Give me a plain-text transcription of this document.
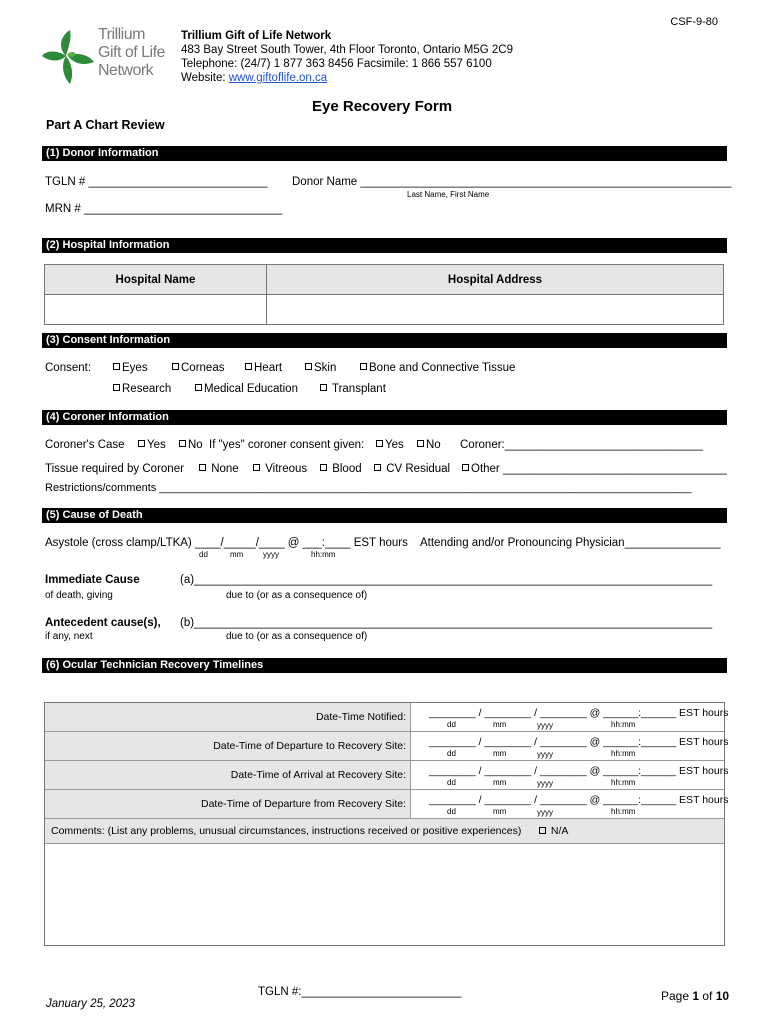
CSF-9-80
Trillium
Gift of Life
Network
Trillium Gift of Life Network
483 Bay Street South Tower, 4th Floor Toronto, Ontario M5G 2C9
Telephone: (24/7) 1 877 363 8456 Facsimile: 1 866 557 6100
Website: www.giftoflife.on.ca
Eye Recovery Form
Part A Chart Review
(1) Donor Information
TGLN # ____________________________ Donor Name __________________________________________________________
Last Name, First Name
MRN # _______________________________
(2) Hospital Information
Hospital Name	Hospital Address

(3) Consent Information
Consent:	Eyes	Corneas	Heart	Skin	Bone and Connective Tissue
Research	Medical Education	Transplant
(4) Coroner Information
Coroner's Case	Yes	No If "yes" coroner consent given:	Yes	No Coroner:_______________________________
Tissue required by Coroner	None	Vitreous	Blood	CV Residual	Other ___________________________________
Restrictions/comments _______________________________________________________________________________________
(5) Cause of Death
Asystole (cross clamp/LTKA) ____/_____/____ @ ___:____ EST hours
dd	mm yyyy	hh:mm
Attending and/or Pronouncing Physician_______________
Immediate Cause
of death, giving
(a)_________________________________________________________________________________
due to (or as a consequence of)
Antecedent cause(s),
if any, next
(b)_________________________________________________________________________________
due to (or as a consequence of)
(6) Ocular Technician Recovery Timelines
Date-Time Notified:	________ / ________ / ________ @ ______:______ EST hours
dd	mm	yyyy	hh:mm
Date-Time of Departure to Recovery Site:	________ / ________ / ________ @ ______:______ EST hours
dd	mm	yyyy	hh:mm
Date-Time of Arrival at Recovery Site:	________ / ________ / ________ @ ______:______ EST hours
dd	mm	yyyy	hh:mm
Date-Time of Departure from Recovery Site:	________ / ________ / ________ @ ______:______ EST hours
dd	mm	yyyy	hh:mm
Comments: (List any problems, unusual circumstances, instructions received or positive experiences)	N/A
January 25, 2023
TGLN #:_________________________	Page 1 of 10
